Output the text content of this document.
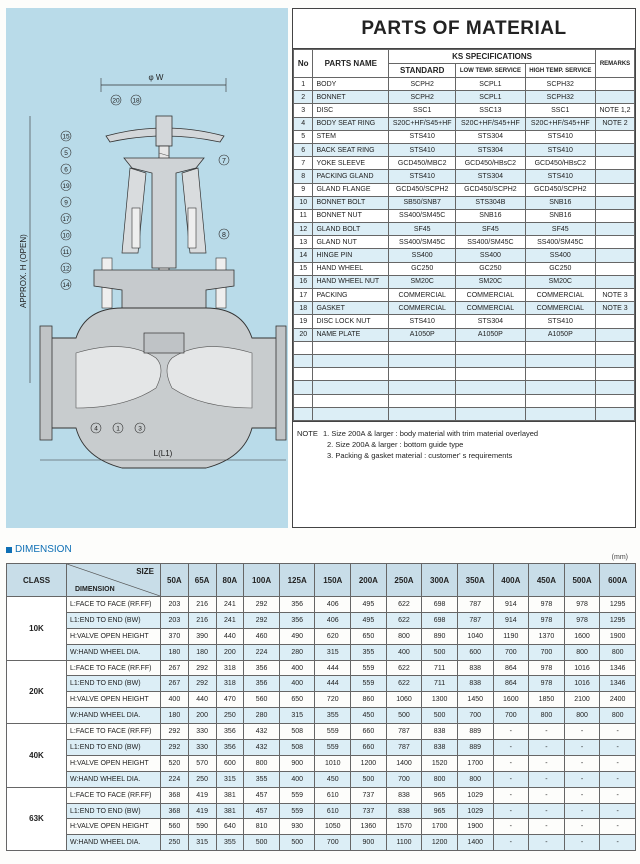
φ W
APPROX. H (OPEN)
L(L1)
15
5
6
19
9
17
10
11
12
14
20 18
7
8
4	1	3
PARTS OF MATERIAL
No	PARTS NAME	KS SPECIFICATIONS			REMARKS
		STANDARD	LOW TEMP. SERVICE	HIGH TEMP. SERVICE	
1	BODY	SCPH2	SCPL1	SCPH32	
2	BONNET	SCPH2	SCPL1	SCPH32	
3	DISC	SSC1	SSC13	SSC1	NOTE 1,2
4	BODY SEAT RING	S20C+HF/S45+HF	S20C+HF/S45+HF	S20C+HF/S45+HF	NOTE 2
5	STEM	STS410	STS304	STS410	
6	BACK SEAT RING	STS410	STS304	STS410	
7	YOKE SLEEVE	GCD450/MBC2	GCD450/HBsC2	GCD450/HBsC2	
8	PACKING GLAND	STS410	STS304	STS410	
9	GLAND FLANGE	GCD450/SCPH2	GCD450/SCPH2	GCD450/SCPH2	
10	BONNET BOLT	SB50/SNB7	STS304B	SNB16	
11	BONNET NUT	SS400/SM45C	SNB16	SNB16	
12	GLAND BOLT	SF45	SF45	SF45	
13	GLAND NUT	SS400/SM45C	SS400/SM45C	SS400/SM45C	
14	HINGE PIN	SS400	SS400	SS400	
15	HAND WHEEL	GC250	GC250	GC250	
16	HAND WHEEL NUT	SM20C	SM20C	SM20C	
17	PACKING	COMMERCIAL	COMMERCIAL	COMMERCIAL	NOTE 3
18	GASKET	COMMERCIAL	COMMERCIAL	COMMERCIAL	NOTE 3
19	DISC LOCK NUT	STS410	STS304	STS410	
20	NAME PLATE	A1050P	A1050P	A1050P	

NOTE 1. Size 200A & larger : body material with trim material overlayed
2. Size 200A & larger : bottom guide type
3. Packing & gasket material : customer' s requirements
DIMENSION
(mm)
CLASS	SIZE
DIMENSION	50A	65A	80A	100A	125A	150A	200A	250A	300A	350A	400A	450A	500A	600A
10K	L:FACE TO FACE (RF.FF)	203	216	241	292	356	406	495	622	698	787	914	978	978	1295
	L1:END TO END (BW)	203	216	241	292	356	406	495	622	698	787	914	978	978	1295
	H:VALVE OPEN HEIGHT	370	390	440	460	490	620	650	800	890	1040	1190	1370	1600	1900
	W:HAND WHEEL DIA.	180	180	200	224	280	315	355	400	500	600	700	700	800	800
20K	L:FACE TO FACE (RF.FF)	267	292	318	356	400	444	559	622	711	838	864	978	1016	1346
	L1:END TO END (BW)	267	292	318	356	400	444	559	622	711	838	864	978	1016	1346
	H:VALVE OPEN HEIGHT	400	440	470	560	650	720	860	1060	1300	1450	1600	1850	2100	2400
	W:HAND WHEEL DIA.	180	200	250	280	315	355	450	500	500	700	700	800	800	800
40K	L:FACE TO FACE (RF.FF)	292	330	356	432	508	559	660	787	838	889	-	-	-	-
	L1:END TO END (BW)	292	330	356	432	508	559	660	787	838	889	-	-	-	-
	H:VALVE OPEN HEIGHT	520	570	600	800	900	1010	1200	1400	1520	1700	-	-	-	-
	W:HAND WHEEL DIA.	224	250	315	355	400	450	500	700	800	800	-	-	-	-
63K	L:FACE TO FACE (RF.FF)	368	419	381	457	559	610	737	838	965	1029	-	-	-	-
	L1:END TO END (BW)	368	419	381	457	559	610	737	838	965	1029	-	-	-	-
	H:VALVE OPEN HEIGHT	560	590	640	810	930	1050	1360	1570	1700	1900	-	-	-	-
	W:HAND WHEEL DIA.	250	315	355	500	500	700	900	1100	1200	1400	-	-	-	-
